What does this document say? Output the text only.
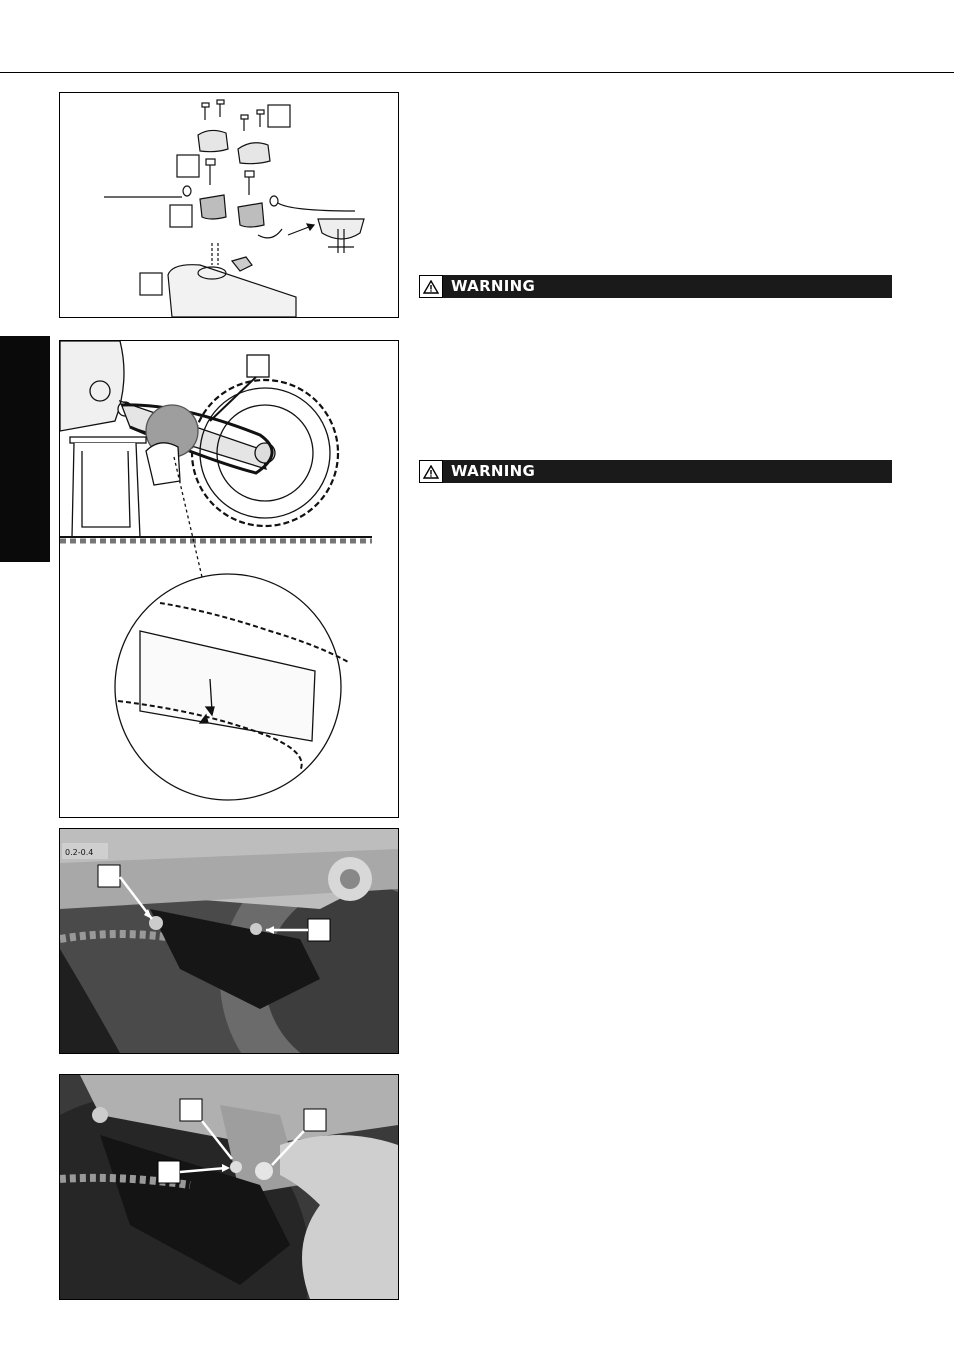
0.2-0.4
WARNING
WARNING
